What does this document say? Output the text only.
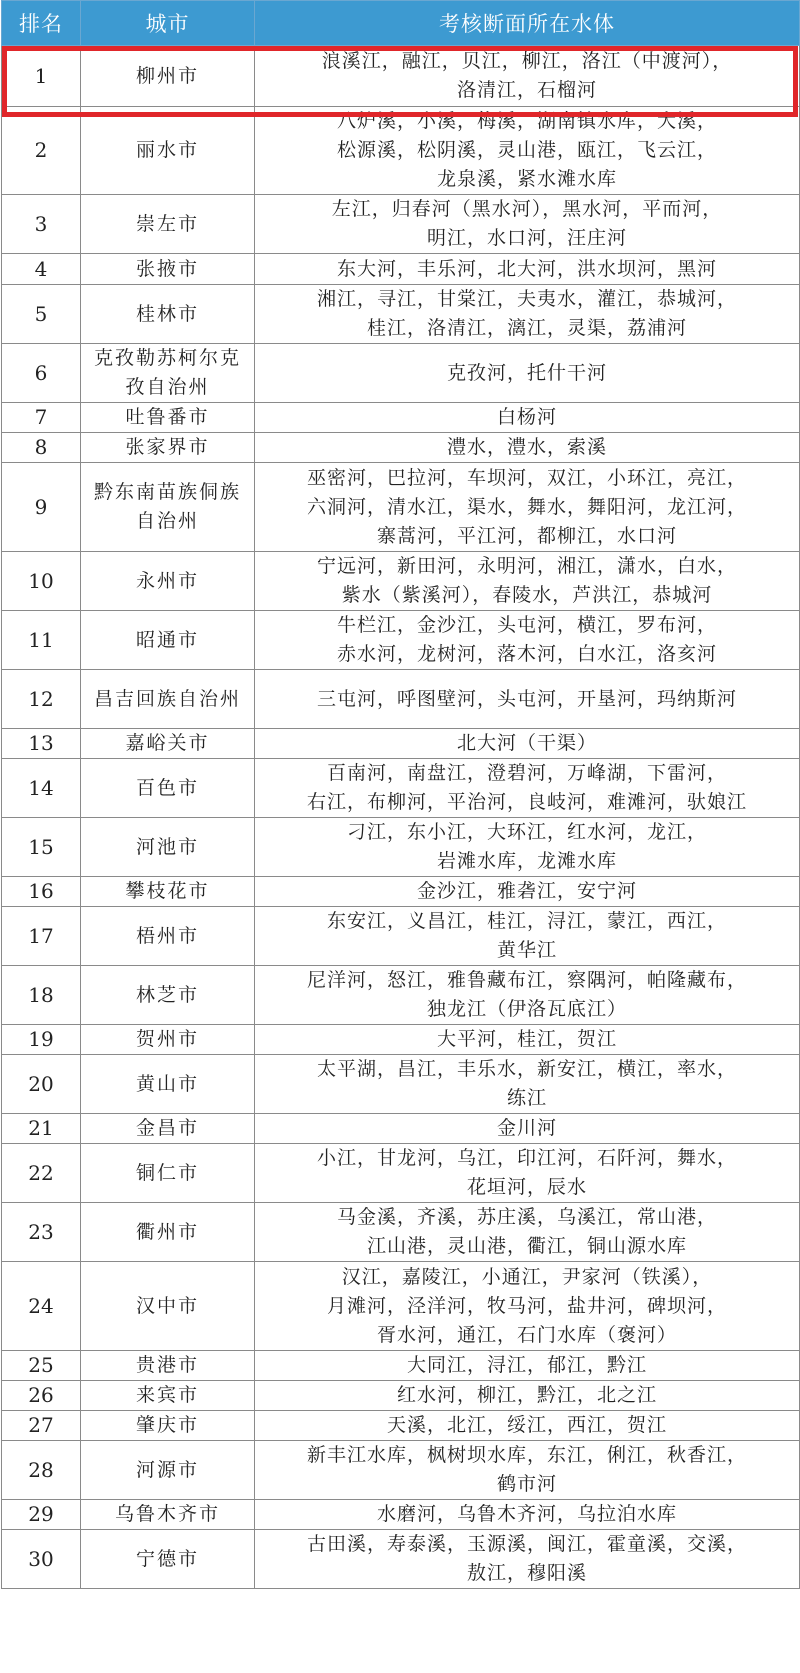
排名	城市	考核断面所在水体
1	柳州市	浪溪江，融江，贝江，柳江，洛江（中渡河），
洛清江，石榴河

2	丽水市	八炉溪，小溪，梅溪，湖南镇水库，大溪，
松源溪，松阴溪，灵山港，瓯江，飞云江，
龙泉溪，紧水滩水库

3	崇左市	左江，归春河（黑水河），黑水河，平而河，
明江，水口河，汪庄河

4	张掖市	东大河，丰乐河，北大河，洪水坝河，黑河

5	桂林市	湘江，寻江，甘棠江，夫夷水，灌江，恭城河，
桂江，洛清江，漓江，灵渠，荔浦河

6	克孜勒苏柯尔克孜自治州	克孜河，托什干河

7	吐鲁番市	白杨河

8	张家界市	澧水，澧水，索溪

9	黔东南苗族侗族自治州	巫密河，巴拉河，车坝河，双江，小环江，亮江，
六洞河，清水江，渠水，舞水，舞阳河，龙江河，
寨蒿河，平江河，都柳江，水口河

10	永州市	宁远河，新田河，永明河，湘江，潇水，白水，
紫水（紫溪河），春陵水，芦洪江，恭城河

11	昭通市	牛栏江，金沙江，头屯河，横江，罗布河，
赤水河，龙树河，落木河，白水江，洛亥河

12	昌吉回族自治州	三屯河，呼图壁河，头屯河，开垦河，玛纳斯河

13	嘉峪关市	北大河（干渠）

14	百色市	百南河，南盘江，澄碧河，万峰湖，下雷河，
右江，布柳河，平治河，良岐河，难滩河，驮娘江

15	河池市	刁江，东小江，大环江，红水河，龙江，
岩滩水库，龙滩水库

16	攀枝花市	金沙江，雅砻江，安宁河

17	梧州市	东安江，义昌江，桂江，浔江，蒙江，西江，
黄华江

18	林芝市	尼洋河，怒江，雅鲁藏布江，察隅河，帕隆藏布，
独龙江（伊洛瓦底江）

19	贺州市	大平河，桂江，贺江

20	黄山市	太平湖，昌江，丰乐水，新安江，横江，率水，
练江

21	金昌市	金川河

22	铜仁市	小江，甘龙河，乌江，印江河，石阡河，舞水，
花垣河，辰水

23	衢州市	马金溪，齐溪，苏庄溪，乌溪江，常山港，
江山港，灵山港，衢江，铜山源水库

24	汉中市	汉江，嘉陵江，小通江，尹家河（铁溪），
月滩河，泾洋河，牧马河，盐井河，碑坝河，
胥水河，通江，石门水库（褒河）

25	贵港市	大同江，浔江，郁江，黔江

26	来宾市	红水河，柳江，黔江，北之江

27	肇庆市	天溪，北江，绥江，西江，贺江

28	河源市	新丰江水库，枫树坝水库，东江，俐江，秋香江，
鹤市河

29	乌鲁木齐市	水磨河，乌鲁木齐河，乌拉泊水库

30	宁德市	古田溪，寿泰溪，玉源溪，闽江，霍童溪，交溪，
敖江，穆阳溪
